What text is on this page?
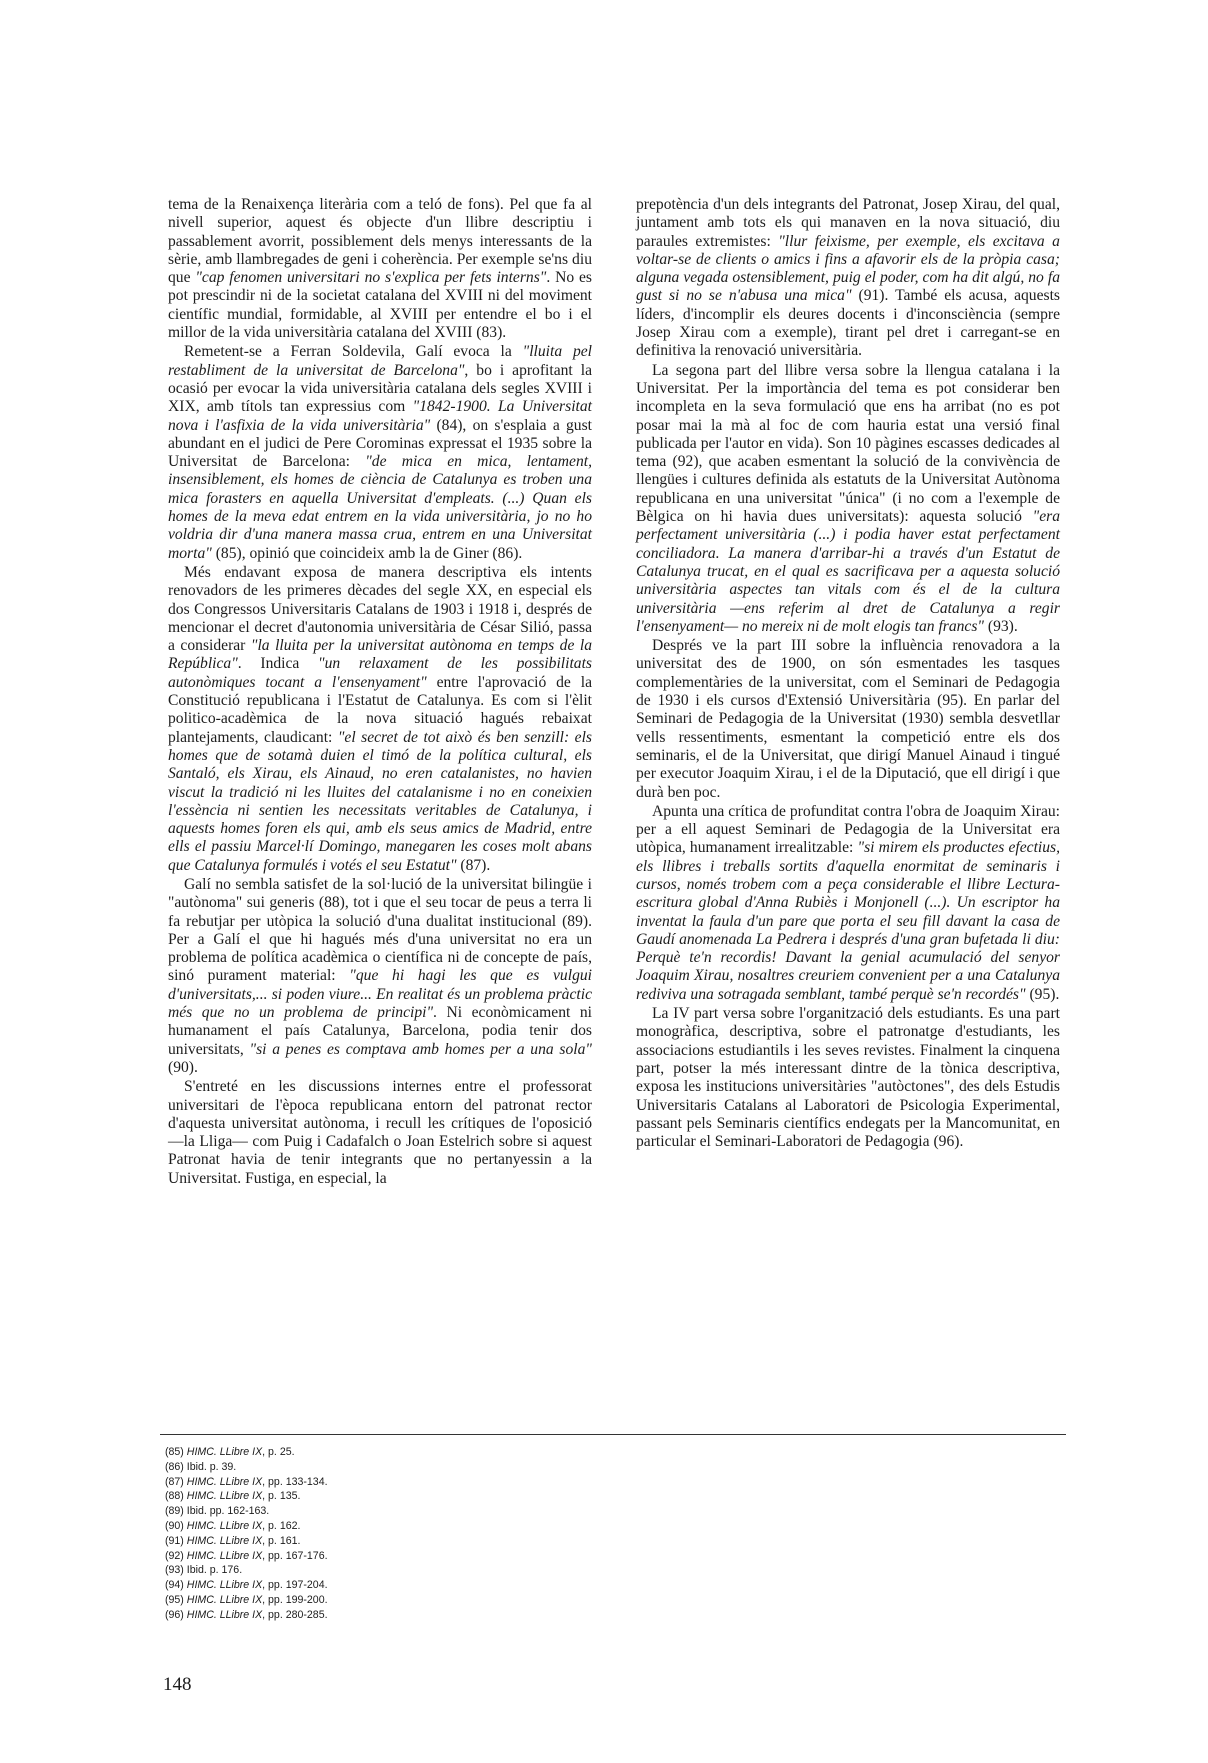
tema de la Renaixença literària com a teló de fons). Pel que fa al nivell superior, aquest és objecte d'un llibre descriptiu i passablement avorrit, possiblement dels menys interessants de la sèrie, amb llambregades de geni i coherència. Per exemple se'ns diu que "cap fenomen universitari no s'explica per fets interns". No es pot prescindir ni de la societat catalana del XVIII ni del moviment científic mundial, formidable, al XVIII per entendre el bo i el millor de la vida universitària catalana del XVIII (83).

Remetent-se a Ferran Soldevila, Galí evoca la "lluita pel restabliment de la universitat de Barcelona", bo i aprofitant la ocasió per evocar la vida universitària catalana dels segles XVIII i XIX, amb títols tan expressius com "1842-1900. La Universitat nova i l'asfixia de la vida universitària" (84), on s'esplaia a gust abundant en el judici de Pere Corominas expressat el 1935 sobre la Universitat de Barcelona: "de mica en mica, lentament, insensiblement, els homes de ciència de Catalunya es troben una mica forasters en aquella Universitat d'empleats. (...) Quan els homes de la meva edat entrem en la vida universitària, jo no ho voldria dir d'una manera massa crua, entrem en una Universitat morta" (85), opinió que coincideix amb la de Giner (86).

Més endavant exposa de manera descriptiva els intents renovadors de les primeres dècades del segle XX, en especial els dos Congressos Universitaris Catalans de 1903 i 1918 i, després de mencionar el decret d'autonomia universitària de César Silió, passa a considerar "la lluita per la universitat autònoma en temps de la República". Indica "un relaxament de les possibilitats autonòmiques tocant a l'ensenyament" entre l'aprovació de la Constitució republicana i l'Estatut de Catalunya. Es com si l'èlit politico-acadèmica de la nova situació hagués rebaixat plantejaments, claudicant: "el secret de tot això és ben senzill: els homes que de sotamà duien el timó de la política cultural, els Santaló, els Xirau, els Ainaud, no eren catalanistes, no havien viscut la tradició ni les lluites del catalanisme i no en coneixien l'essència ni sentien les necessitats veritables de Catalunya, i aquests homes foren els qui, amb els seus amics de Madrid, entre ells el passiu Marcel·lí Domingo, manegaren les coses molt abans que Catalunya formulés i votés el seu Estatut" (87).

Galí no sembla satisfet de la sol·lució de la universitat bilingüe i "autònoma" sui generis (88), tot i que el seu tocar de peus a terra li fa rebutjar per utòpica la solució d'una dualitat institucional (89). Per a Galí el que hi hagués més d'una universitat no era un problema de política acadèmica o científica ni de concepte de país, sinó purament material: "que hi hagi les que es vulgui d'universitats,... si poden viure... En realitat és un problema pràctic més que no un problema de principi". Ni econòmicament ni humanament el país Catalunya, Barcelona, podia tenir dos universitats, "si a penes es comptava amb homes per a una sola" (90).

S'entreté en les discussions internes entre el professorat universitari de l'època republicana entorn del patronat rector d'aquesta universitat autònoma, i recull les crítiques de l'oposició —la Lliga— com Puig i Cadafalch o Joan Estelrich sobre si aquest Patronat havia de tenir integrants que no pertanyessin a la Universitat. Fustiga, en especial, la

prepotència d'un dels integrants del Patronat, Josep Xirau, del qual, juntament amb tots els qui manaven en la nova situació, diu paraules extremistes: "llur feixisme, per exemple, els excitava a voltar-se de clients o amics i fins a afavorir els de la pròpia casa; alguna vegada ostensiblement, puig el poder, com ha dit algú, no fa gust si no se n'abusa una mica" (91). També els acusa, aquests líders, d'incomplir els deures docents i d'inconsciència (sempre Josep Xirau com a exemple), tirant pel dret i carregant-se en definitiva la renovació universitària.

La segona part del llibre versa sobre la llengua catalana i la Universitat. Per la importància del tema es pot considerar ben incompleta en la seva formulació que ens ha arribat (no es pot posar mai la mà al foc de com hauria estat una versió final publicada per l'autor en vida). Son 10 pàgines escasses dedicades al tema (92), que acaben esmentant la solució de la convivència de llengües i cultures definida als estatuts de la Universitat Autònoma republicana en una universitat "única" (i no com a l'exemple de Bèlgica on hi havia dues universitats): aquesta solució "era perfectament universitària (...) i podia haver estat perfectament conciliadora. La manera d'arribar-hi a través d'un Estatut de Catalunya trucat, en el qual es sacrificava per a aquesta solució universitària aspectes tan vitals com és el de la cultura universitària —ens referim al dret de Catalunya a regir l'ensenyament— no mereix ni de molt elogis tan francs" (93).

Després ve la part III sobre la influència renovadora a la universitat des de 1900, on són esmentades les tasques complementàries de la universitat, com el Seminari de Pedagogia de 1930 i els cursos d'Extensió Universitària (95). En parlar del Seminari de Pedagogia de la Universitat (1930) sembla desvetllar vells ressentiments, esmentant la competició entre els dos seminaris, el de la Universitat, que dirigí Manuel Ainaud i tingué per executor Joaquim Xirau, i el de la Diputació, que ell dirigí i que durà ben poc.

Apunta una crítica de profunditat contra l'obra de Joaquim Xirau: per a ell aquest Seminari de Pedagogia de la Universitat era utòpica, humanament irrealitzable: "si mirem els productes efectius, els llibres i treballs sortits d'aquella enormitat de seminaris i cursos, només trobem com a peça considerable el llibre Lectura-escritura global d'Anna Rubiès i Monjonell (...). Un escriptor ha inventat la faula d'un pare que porta el seu fill davant la casa de Gaudí anomenada La Pedrera i després d'una gran bufetada li diu: Perquè te'n recordis! Davant la genial acumulació del senyor Joaquim Xirau, nosaltres creuriem convenient per a una Catalunya rediviva una sotragada semblant, també perquè se'n recordés" (95).

La IV part versa sobre l'organització dels estudiants. Es una part monogràfica, descriptiva, sobre el patronatge d'estudiants, les associacions estudiantils i les seves revistes. Finalment la cinquena part, potser la més interessant dintre de la tònica descriptiva, exposa les institucions universitàries "autòctones", des dels Estudis Universitaris Catalans al Laboratori de Psicologia Experimental, passant pels Seminaris científics endegats per la Mancomunitat, en particular el Seminari-Laboratori de Pedagogia (96).

(85) HIMC. LLibre IX, p. 25.
(86) Ibid. p. 39.
(87) HIMC. LLibre IX, pp. 133-134.
(88) HIMC. LLibre IX, p. 135.
(89) Ibid. pp. 162-163.
(90) HIMC. LLibre IX, p. 162.
(91) HIMC. LLibre IX, p. 161.
(92) HIMC. LLibre IX, pp. 167-176.
(93) Ibid. p. 176.
(94) HIMC. LLibre IX, pp. 197-204.
(95) HIMC. LLibre IX, pp. 199-200.
(96) HIMC. LLibre IX, pp. 280-285.
148
